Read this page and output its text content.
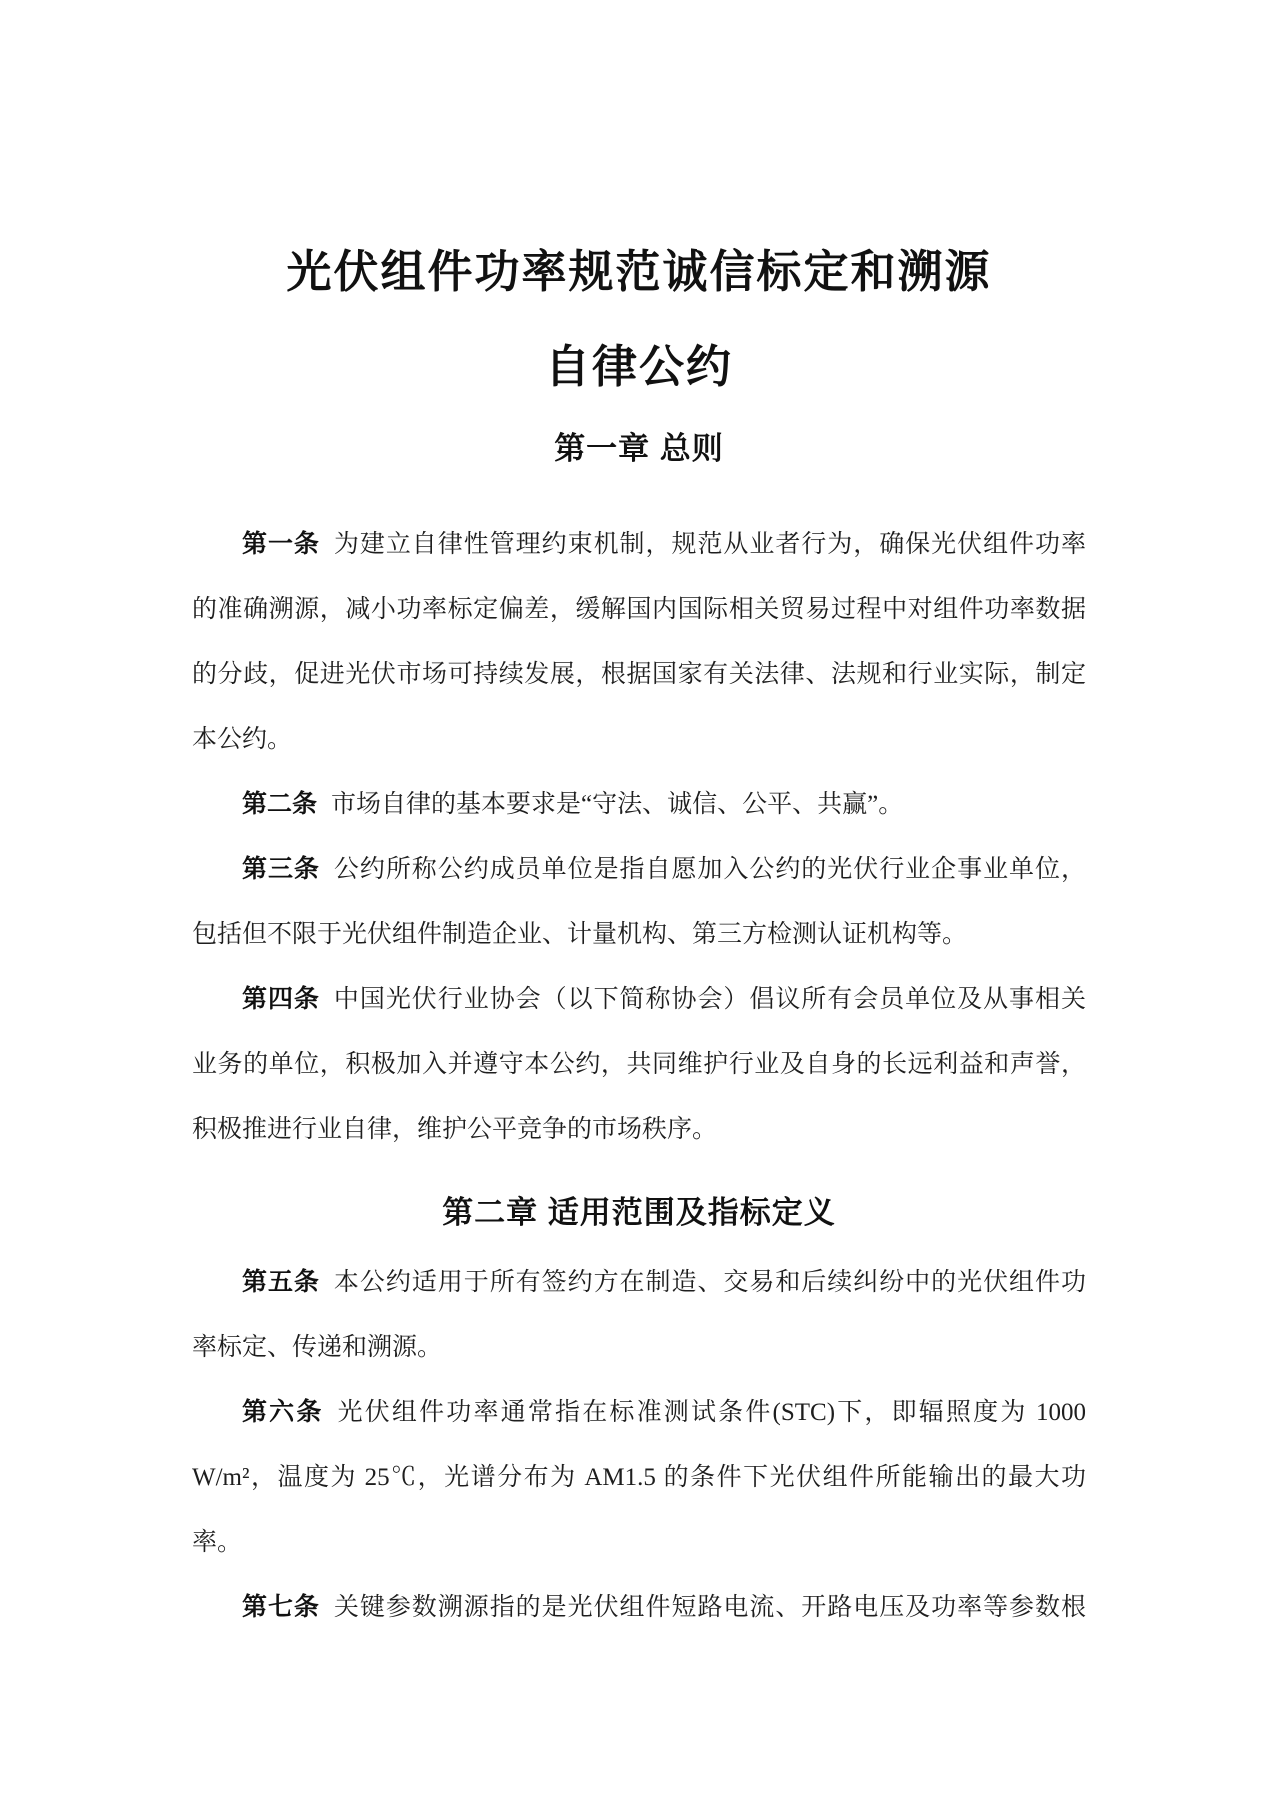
光伏组件功率规范诚信标定和溯源
自律公约
第一章 总则
第一条 为建立自律性管理约束机制，规范从业者行为，确保光伏组件功率
的准确溯源，减小功率标定偏差，缓解国内国际相关贸易过程中对组件功率数据
的分歧，促进光伏市场可持续发展，根据国家有关法律、法规和行业实际，制定
本公约。
第二条 市场自律的基本要求是“守法、诚信、公平、共赢”。
第三条 公约所称公约成员单位是指自愿加入公约的光伏行业企事业单位，
包括但不限于光伏组件制造企业、计量机构、第三方检测认证机构等。
第四条 中国光伏行业协会（以下简称协会）倡议所有会员单位及从事相关
业务的单位，积极加入并遵守本公约，共同维护行业及自身的长远利益和声誉，
积极推进行业自律，维护公平竞争的市场秩序。
第二章 适用范围及指标定义
第五条 本公约适用于所有签约方在制造、交易和后续纠纷中的光伏组件功
率标定、传递和溯源。
第六条 光伏组件功率通常指在标准测试条件(STC)下，即辐照度为 1000
W/m²，温度为 25℃，光谱分布为 AM1.5 的条件下光伏组件所能输出的最大功
率。
第七条 关键参数溯源指的是光伏组件短路电流、开路电压及功率等参数根
